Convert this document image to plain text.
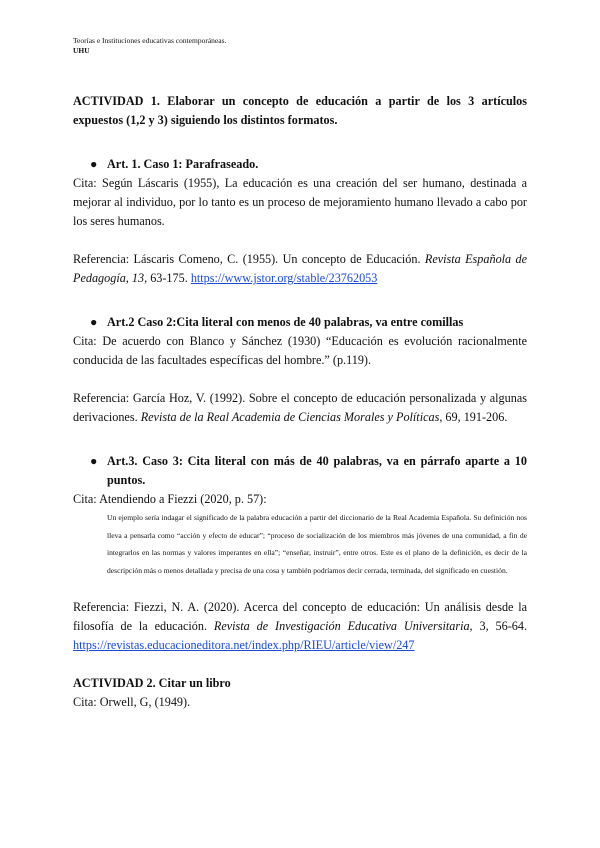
Teorías e Instituciones educativas contemporáneas.
UHU

ACTIVIDAD 1. Elaborar un concepto de educación a partir de los 3 artículos expuestos (1,2 y 3) siguiendo los distintos formatos.

● Art. 1. Caso 1: Parafraseado.

Cita: Según Láscaris (1955), La educación es una creación del ser humano, destinada a mejorar al individuo, por lo tanto es un proceso de mejoramiento humano llevado a cabo por los seres humanos.

Referencia: Láscaris Comeno, C. (1955). Un concepto de Educación. Revista Española de Pedagogía, 13, 63-175. https://www.jstor.org/stable/23762053

● Art.2 Caso 2:Cita literal con menos de 40 palabras, va entre comillas

Cita: De acuerdo con Blanco y Sánchez (1930) “Educación es evolución racionalmente conducida de las facultades específicas del hombre.” (p.119).

Referencia: García Hoz, V. (1992). Sobre el concepto de educación personalizada y algunas derivaciones. Revista de la Real Academia de Ciencias Morales y Políticas, 69, 191-206.

● Art.3. Caso 3: Cita literal con más de 40 palabras, va en párrafo aparte a 10 puntos.

Cita: Atendiendo a Fiezzi (2020, p. 57):

Un ejemplo sería indagar el significado de la palabra educación a partir del diccionario de la Real Academia Española. Su definición nos lleva a pensarla como “acción y efecto de educar”; “proceso de socialización de los miembros más jóvenes de una comunidad, a fin de integrarlos en las normas y valores imperantes en ella”; “enseñar, instruir”, entre otros. Este es el plano de la definición, es decir de la descripción más o menos detallada y precisa de una cosa y también podríamos decir cerrada, terminada, del significado en cuestión.

Referencia: Fiezzi, N. A. (2020). Acerca del concepto de educación: Un análisis desde la filosofía de la educación. Revista de Investigación Educativa Universitaria, 3, 56-64. https://revistas.educacioneditora.net/index.php/RIEU/article/view/247

ACTIVIDAD 2. Citar un libro

Cita: Orwell, G, (1949).
